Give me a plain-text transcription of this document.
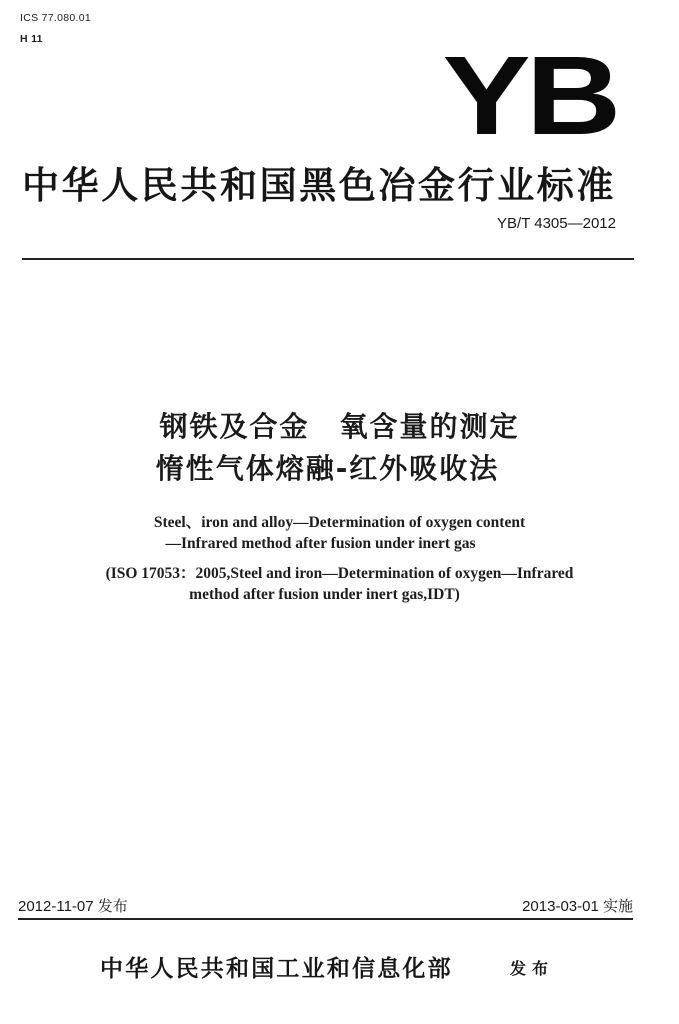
ICS 77.080.01
H 11	YB
中华人民共和国黑色冶金行业标准
YB/T 4305—2012
钢铁及合金　氧含量的测定
惰性气体熔融-红外吸收法
Steel、iron and alloy—Determination of oxygen content
—Infrared method after fusion under inert gas
(ISO 17053：2005,Steel and iron—Determination of oxygen—Infrared
method after fusion under inert gas,IDT)
2012-11-07 发布	2013-03-01 实施
中华人民共和国工业和信息化部	发布
